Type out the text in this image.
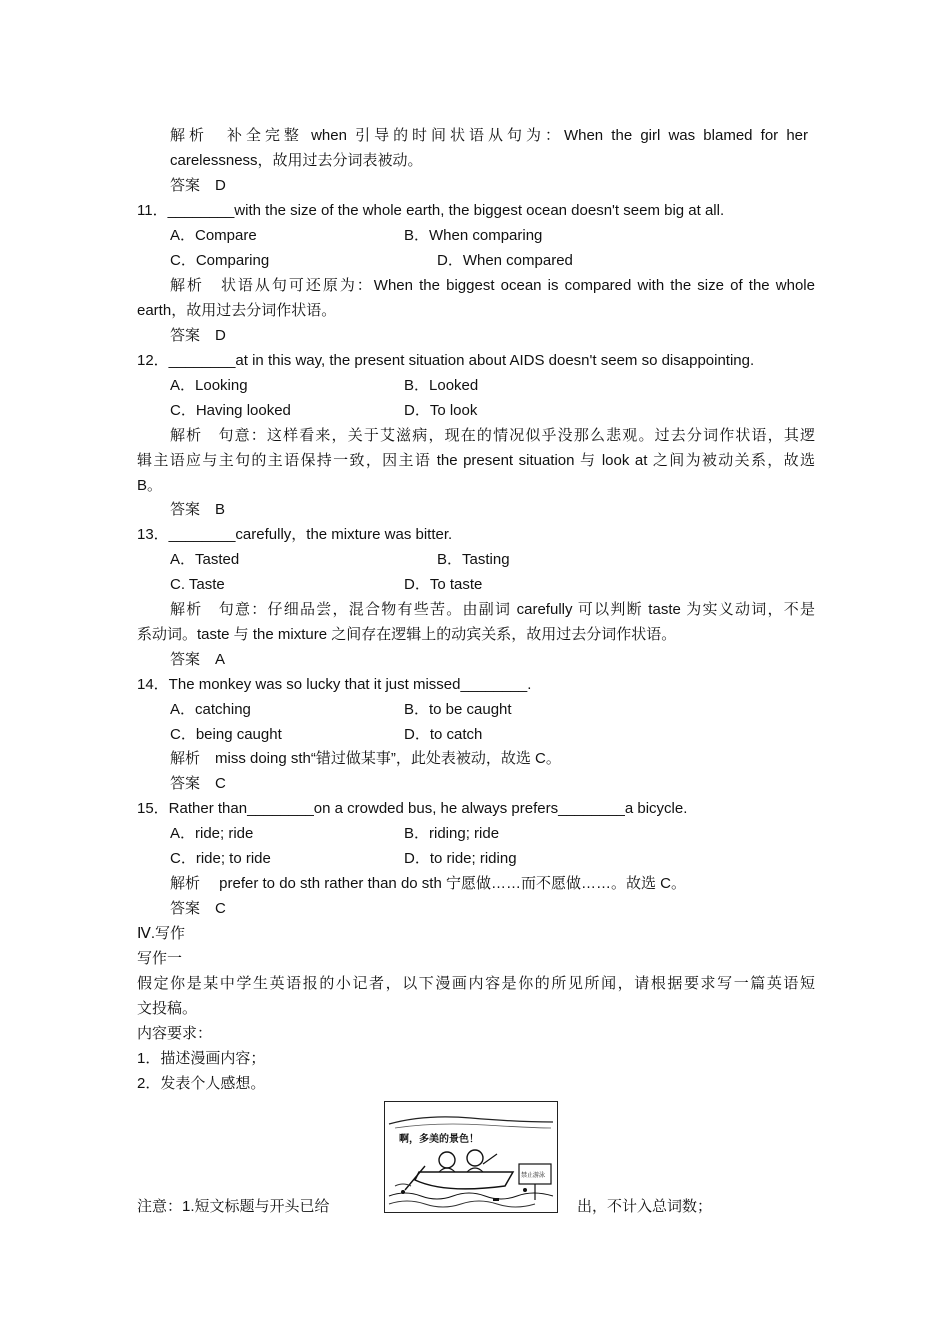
解析　补全完整 when 引导的时间状语从句为：When the girl was blamed for her
carelessness，故用过去分词表被动。
答案　D
11．________with the size of the whole earth, the biggest ocean doesn't seem big at all.
A．Compare	B．When comparing
C．Comparing	D．When compared
解析　状语从句可还原为：When the biggest ocean is compared with the size of the whole
earth，故用过去分词作状语。
答案　D
12．________at in this way, the present situation about AIDS doesn't seem so disappointing.
A．Looking	B．Looked
C．Having looked	D．To look
解析　句意：这样看来，关于艾滋病，现在的情况似乎没那么悲观。过去分词作状语，其逻
辑主语应与主句的主语保持一致，因主语 the present situation 与 look at 之间为被动关系，故选
B。
答案　B
13．________carefully，the mixture was bitter.
A．Tasted	B．Tasting
C. Taste	D．To taste
解析　句意：仔细品尝，混合物有些苦。由副词 carefully 可以判断 taste 为实义动词，不是
系动词。taste 与 the mixture 之间存在逻辑上的动宾关系，故用过去分词作状语。
答案　A
14．The monkey was so lucky that it just missed________.
A．catching	B．to be caught
C．being caught	D．to catch
解析　miss doing sth“错过做某事”，此处表被动，故选 C。
答案　C
15．Rather than________on a crowded bus, he always prefers________a bicycle.
A．ride; ride	B．riding; ride
C．ride; to ride	D．to ride; riding
解析　 prefer to do sth rather than do sth 宁愿做……而不愿做……。故选 C。
答案　C
Ⅳ.写作
写作一
假定你是某中学生英语报的小记者，以下漫画内容是你的所见所闻，请根据要求写一篇英语短
文投稿。
内容要求：
1．描述漫画内容；
2．发表个人感想。
啊，多美的景色！
禁止游泳
注意：1.短文标题与开头已给	出，不计入总词数；
